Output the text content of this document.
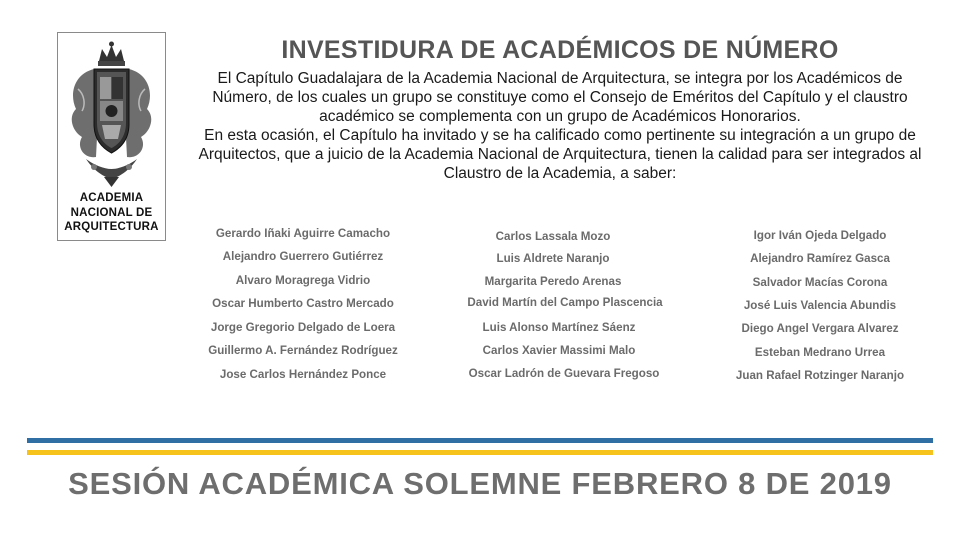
ACADEMIA
NACIONAL DE
ARQUITECTURA
INVESTIDURA DE ACADÉMICOS DE NÚMERO

El Capítulo Guadalajara de la Academia Nacional de Arquitectura, se integra por los Académicos de Número, de los cuales un grupo se constituye como el Consejo de Eméritos del Capítulo y el claustro académico se complementa con un grupo de Académicos Honorarios.

En esta ocasión, el Capítulo ha invitado y se ha calificado como pertinente su integración a un grupo de Arquitectos, que a juicio de la Academia Nacional de Arquitectura, tienen la calidad para ser integrados al Claustro de la Academia, a saber:

Gerardo Iñaki Aguirre Camacho
Alejandro Guerrero Gutiérrez
Alvaro Moragrega Vidrio
Oscar Humberto Castro Mercado
Jorge Gregorio Delgado de Loera
Guillermo A. Fernández Rodríguez
Jose Carlos Hernández Ponce
Carlos Lassala Mozo
Luis Aldrete Naranjo
Margarita Peredo Arenas
David Martín del Campo Plascencia
Luis Alonso Martínez Sáenz
Carlos Xavier Massimi Malo
Oscar Ladrón de Guevara Fregoso
Igor Iván Ojeda Delgado
Alejandro Ramírez Gasca
Salvador Macías Corona
José Luis Valencia Abundis
Diego Angel Vergara Alvarez
Esteban Medrano Urrea
Juan Rafael Rotzinger Naranjo
SESIÓN ACADÉMICA SOLEMNE FEBRERO 8 DE 2019
